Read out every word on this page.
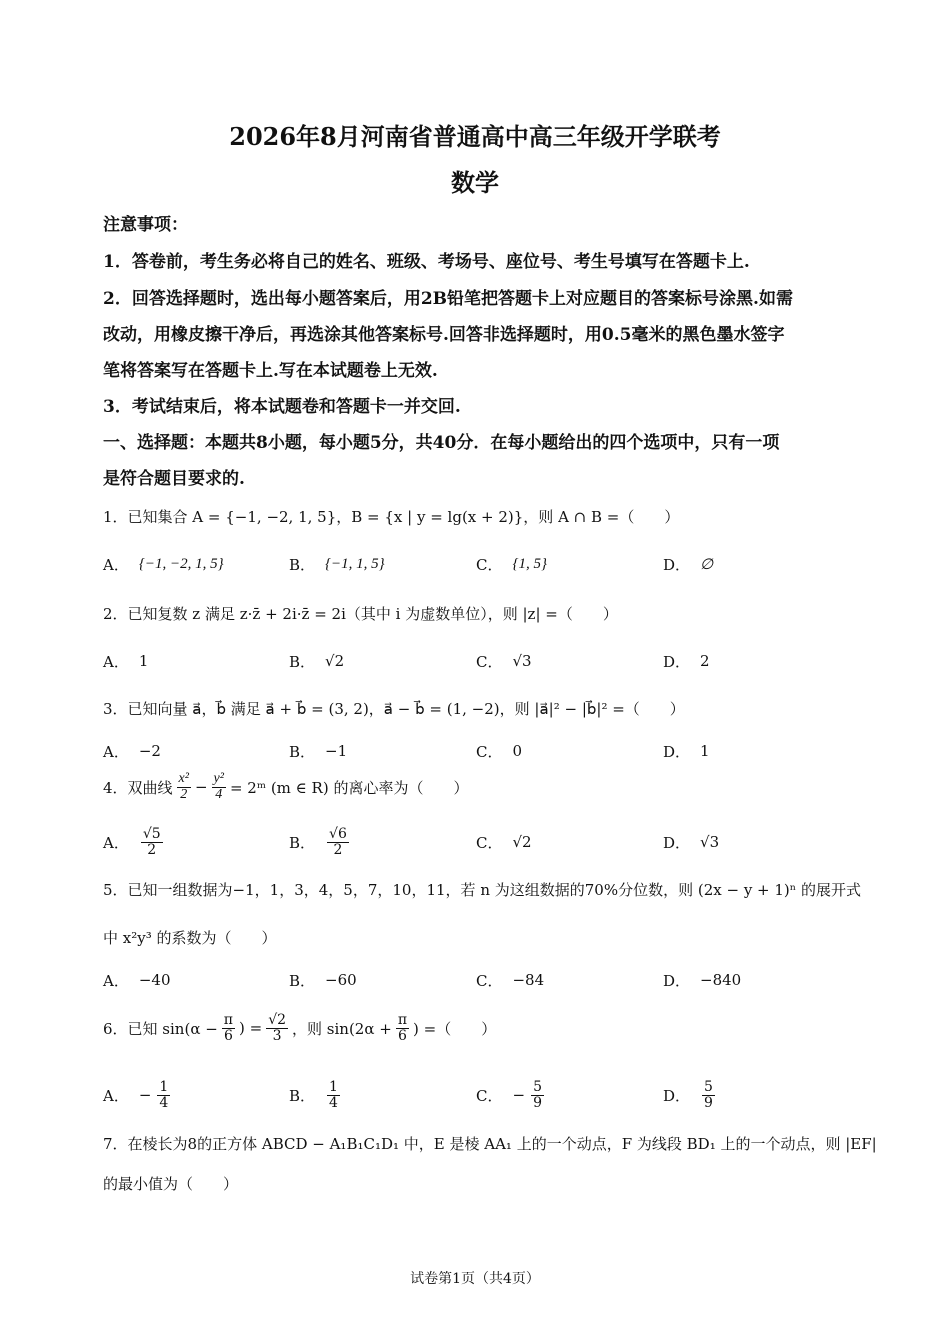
2026年8月河南省普通高中高三年级开学联考
数学
注意事项：
1．答卷前，考生务必将自己的姓名、班级、考场号、座位号、考生号填写在答题卡上.
2．回答选择题时，选出每小题答案后，用2B铅笔把答题卡上对应题目的答案标号涂黑.如需
改动，用橡皮擦干净后，再选涂其他答案标号.回答非选择题时，用0.5毫米的黑色墨水签字
笔将答案写在答题卡上.写在本试题卷上无效.
3．考试结束后，将本试题卷和答题卡一并交回.
一、选择题：本题共8小题，每小题5分，共40分．在每小题给出的四个选项中，只有一项
是符合题目要求的.
1．已知集合 A = {−1, −2, 1, 5}，B = {x | y = lg(x + 2)}，则 A ∩ B =（　　）
A． {−1, −2, 1, 5}	B． {−1, 1, 5}	C． {1, 5}	D． ∅
2．已知复数 z 满足 z·z̄ + 2i·z̄ = 2i（其中 i 为虚数单位），则 |z| =（　　）
A． 1	B． √2	C． √3	D． 2
3．已知向量 a⃗，b⃗ 满足 a⃗ + b⃗ = (3, 2)，a⃗ − b⃗ = (1, −2)，则 |a⃗|² − |b⃗|² =（　　）
A． −2	B． −1	C． 0	D． 1
4．双曲线 $\frac{\text{x²}}{2} - \frac{\text{y²}}{4}$ = 2ᵐ (m ∈ R) 的离心率为（　　）
A． $\frac{√5}{2}$	B． $\frac{√6}{2}$	C． √2	D． √3
5．已知一组数据为−1，1，3，4，5，7，10，11，若 n 为这组数据的70%分位数，则 (2x − y + 1)ⁿ 的展开式
中 x²y³ 的系数为（　　）
A． −40	B． −60	C． −84	D． −840
6．已知 $\sin(\alpha - \frac{\pi}{6}$ ) = $\frac{√2}{3}$ ，则 $\sin(2\alpha + \frac{\pi}{6}$ ) =（　　）
A． − $\frac{1}{4}$	B． $\frac{1}{4}$	C． − $\frac{5}{9}$	D． $\frac{5}{9}$
7．在棱长为8的正方体 ABCD − A₁B₁C₁D₁ 中，E 是棱 AA₁ 上的一个动点，F 为线段 BD₁ 上的一个动点，则 |EF|
的最小值为（　　）
试卷第1页（共4页）
